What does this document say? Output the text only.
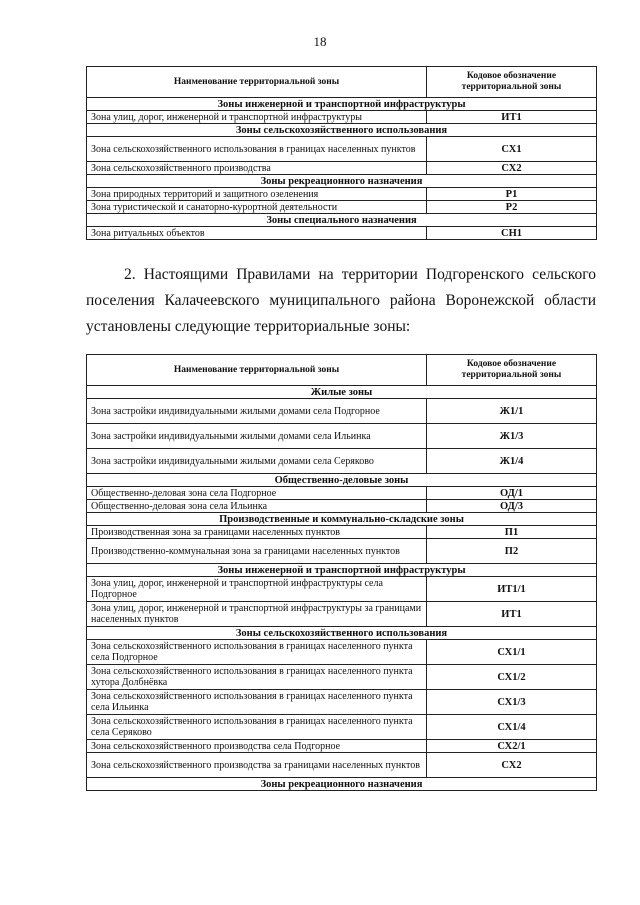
18
Наименование территориальной зоны	Кодовое обозначение территориальной зоны
Зоны инженерной и транспортной инфраструктуры	
Зона улиц, дорог, инженерной и транспортной инфраструктуры	ИТ1
Зоны сельскохозяйственного использования	
Зона сельскохозяйственного использования в границах населенных пунктов	СХ1
Зона сельскохозяйственного производства	СХ2
Зоны рекреационного назначения	
Зона природных территорий и защитного озеленения	Р1
Зона туристической и санаторно-курортной деятельности	Р2
Зоны специального назначения	
Зона ритуальных объектов	СН1
2. Настоящими Правилами на территории Подгоренского сельского поселения Калачеевского муниципального района Воронежской области установлены следующие территориальные зоны:
Наименование территориальной зоны	Кодовое обозначение территориальной зоны
Жилые зоны	
Зона застройки индивидуальными жилыми домами села Подгорное	Ж1/1
Зона застройки индивидуальными жилыми домами села Ильинка	Ж1/3
Зона застройки индивидуальными жилыми домами села Серяково	Ж1/4
Общественно-деловые зоны	
Общественно-деловая зона села Подгорное	ОД/1
Общественно-деловая зона села Ильинка	ОД/3
Производственные и коммунально-складские зоны	
Производственная зона за границами населенных пунктов	П1
Производственно-коммунальная зона за границами населенных пунктов	П2
Зоны инженерной и транспортной инфраструктуры	
Зона улиц, дорог, инженерной и транспортной инфраструктуры села Подгорное	ИТ1/1
Зона улиц, дорог, инженерной и транспортной инфраструктуры за границами населенных пунктов	ИТ1
Зоны сельскохозяйственного использования	
Зона сельскохозяйственного использования в границах населенного пункта села Подгорное	СХ1/1
Зона сельскохозяйственного использования в границах населенного пункта хутора Долбнёвка	СХ1/2
Зона сельскохозяйственного использования в границах населенного пункта села Ильинка	СХ1/3
Зона сельскохозяйственного использования в границах населенного пункта села Серяково	СХ1/4
Зона сельскохозяйственного производства села Подгорное	СХ2/1
Зона сельскохозяйственного производства за границами населенных пунктов	СХ2
Зоны рекреационного назначения	
